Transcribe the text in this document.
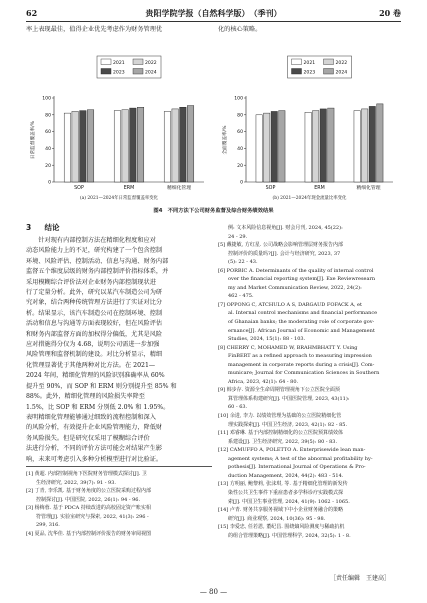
62	贵阳学院学报（自然科学版）　（季刊）	20 卷
率上表现最佳，值得企业优先考虑作为财务管理优	化的核心策略。
2021	2022
2023	2024
0
20
40
60
80
100
日常监督覆盖率/%
SOP	ERM	精细化管理
(a) 2021—2024年日常监督覆盖率变化
2021	2022
2023	2024
0
20
40
60
80
100
全面覆盖率/%
SOP	ERM	精细化管理
(b) 2021—2024年现金流量比率变化
图4　不同方法下公司财务监督及综合财务绩效结果
3 结论
　　针对现有内部控制方法在精细化程度和应对
动态风险能力上的不足，研究构建了一个包含控制
环境、风险评估、控制活动、信息与沟通、财务内部
监督五个维度层级的财务内部控制评价指标体系，并
采用模糊综合评价法对企业财务内部控制现状进
行了定量分析。此外，研究以某汽车制造公司为研
究对象，结合两种传统管理方法进行了实证对比分
析。结果显示，该汽车制造公司在控制环境、控制
活动和信息与沟通等方面表现较好，但在风险评估
和财务内部监督方面的加权得分偏低，尤其是风险
应对措施得分仅为 4.68，说明公司需进一步加强
风险管理和监督机制的建设。对比分析显示，精细
化管理显著优于其他两种对比方法。在 2021—
2024 年间，精细化管理的风险识别准确率从 60%
提升至 90%，而 SOP 和 ERM 则分别提升至 85% 和
88%。此外，精细化管理的风险损失率降至
1.5%，比 SOP 和 ERM 分别低 2.0% 和 1.95%。
表明精细化管理能够通过细致的流程控制和深入
的风险分析，有效提升企业风险管理能力，降低财
务风险损失。但是研究仅采用了模糊综合评价
法进行分析，不同的评价方法可能会对结果产生影
响，未来可考虑引入多种分析模型进行对比验证。
[1] 黄超. 内部控制视角下医院财务管理模式探讨[J]. 卫
　　生经济研究, 2022, 39(7): 91 - 93.
[2] 丁青, 李乐凯. 基于财务角度的公立医院采购过程内部
　　控制探讨[J]. 中国医院, 2022, 26(1): 94 - 96.
[3] 杨梅蓉. 基于 PDCA 持续改进的高校固定资产账实相
　　符管理[J]. 实验室研究与探索, 2022, 41(3): 296 -
　　299, 316.
[4] 夏品, 沈华佳. 基于内部控制评价报告的财务审阅视图
　　例: 文本风险信息视角[J]. 财会月刊, 2024, 45(22):
　　24 - 29.
[5] 戴捷敏, 方红星. 公司战略会影响管理层财务报告内部
　　控制评价的质量吗?[J]. 会计与经济研究, 2023, 37
　　(5): 22 - 43.
[6] PORBIC A. Determinants of the quality of internal control
　　over the financial reporting system[J]. Exe Reviewresearn
　　my and Market Communication Review, 2022, 24(2):
　　462 - 475.
[7] OPPONG C, ATCHULO A S, DARGAUD FOFACK A, et
　　al. Internal control mechanisms and financial performance
　　of Ghanaian banks; the moderating role of corporate gov-
　　ernance[J]. African Journal of Economic and Management
　　Studies, 2024, 15(1): 88 - 103.
[8] CHERRY C, MOHAMED W, BRAHMBHATT Y. Using
　　FinBERT as a refined approach to measuring impression
　　management in corporate reports during a crisis[J]. Com-
　　municare; Journal for Communication Sciences in Southern
　　Africa, 2023, 42(1): 64 - 80.
[9] 韩步存. 资源全生命周期管理视角下公立医院全面预
　　算管理体系构建研究[J]. 中国医院管理, 2023, 43(11):
　　60 - 63.
[10] 余进, 李力. 以绩效管理为基础的公立医院精细化管
　　理实践探索[J]. 中国卫生经济, 2023, 42(1): 82 - 85.
[11] 邓睿琳. 基于内部控制精细化的公立医院预算绩效体
　　系建设[J]. 卫生经济研究, 2022, 39(5): 80 - 83.
[12] CAMUFFO A, POLETTO A. Enterprisewide lean man-
　　agement systems; A test of the abnormal profitability hy-
　　pothesis[J]. International Journal of Operations & Pro-
　　duction Management, 2024, 44(2): 483 - 514.
[13] 方明丽, 鲍黎莉, 张沫琪, 等. 基于精细化管理的新发传
　　染性公共卫生事件下重症患者多学科诊疗实践模式探
　　索[J]. 中国卫生事业管理, 2024, 41(9): 1062 - 1065.
[14] 卢青. 财务共享服务视域下中小企业财务融合的策略
　　研究[J]. 商业观察, 2024, 10(36): 95 - 98.
[15] 李爱忠, 任若恩, 董纪昌. 围绕熵风险测度与稀疏抗机
　　的组合管理策略[J]. 中国管理科学, 2024, 32(5): 1 - 8.
— 80 —
［责任编辑　王建高］
